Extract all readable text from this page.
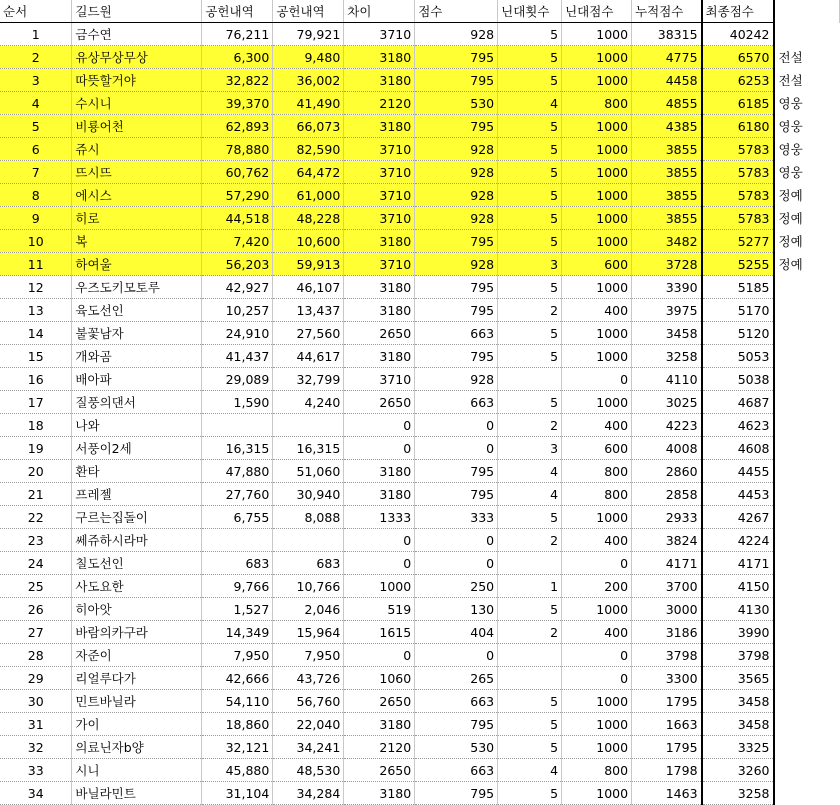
순서	길드원	공헌내역	공헌내역	차이	점수	닌대횟수	닌대점수	누적점수	최종점수	
1	금수연	76,211	79,921	3710	928	5	1000	38315	40242	
2	유상무상무상	6,300	9,480	3180	795	5	1000	4775	6570	전설
3	따뜻할거야	32,822	36,002	3180	795	5	1000	4458	6253	전설
4	수시니	39,370	41,490	2120	530	4	800	4855	6185	영웅
5	비룡어천	62,893	66,073	3180	795	5	1000	4385	6180	영웅
6	쥬시	78,880	82,590	3710	928	5	1000	3855	5783	영웅
7	뜨시뜨	60,762	64,472	3710	928	5	1000	3855	5783	영웅
8	에시스	57,290	61,000	3710	928	5	1000	3855	5783	정예
9	히로	44,518	48,228	3710	928	5	1000	3855	5783	정예
10	복	7,420	10,600	3180	795	5	1000	3482	5277	정예
11	하여울	56,203	59,913	3710	928	3	600	3728	5255	정예
12	우즈도키모토루	42,927	46,107	3180	795	5	1000	3390	5185	
13	육도선인	10,257	13,437	3180	795	2	400	3975	5170	
14	불꽃남자	24,910	27,560	2650	663	5	1000	3458	5120	
15	개와곰	41,437	44,617	3180	795	5	1000	3258	5053	
16	배아파	29,089	32,799	3710	928		0	4110	5038	
17	질풍의댄서	1,590	4,240	2650	663	5	1000	3025	4687	
18	나와			0	0	2	400	4223	4623	
19	서풍이2세	16,315	16,315	0	0	3	600	4008	4608	
20	환타	47,880	51,060	3180	795	4	800	2860	4455	
21	프레젤	27,760	30,940	3180	795	4	800	2858	4453	
22	구르는집돌이	6,755	8,088	1333	333	5	1000	2933	4267	
23	쎄쥬하시라마			0	0	2	400	3824	4224	
24	칠도선인	683	683	0	0		0	4171	4171	
25	사도요한	9,766	10,766	1000	250	1	200	3700	4150	
26	히아앗	1,527	2,046	519	130	5	1000	3000	4130	
27	바람의카구라	14,349	15,964	1615	404	2	400	3186	3990	
28	자준이	7,950	7,950	0	0		0	3798	3798	
29	리얼루다가	42,666	43,726	1060	265		0	3300	3565	
30	민트바닐라	54,110	56,760	2650	663	5	1000	1795	3458	
31	가이	18,860	22,040	3180	795	5	1000	1663	3458	
32	의료닌자b양	32,121	34,241	2120	530	5	1000	1795	3325	
33	시니	45,880	48,530	2650	663	4	800	1798	3260	
34	바닐라민트	31,104	34,284	3180	795	5	1000	1463	3258	
